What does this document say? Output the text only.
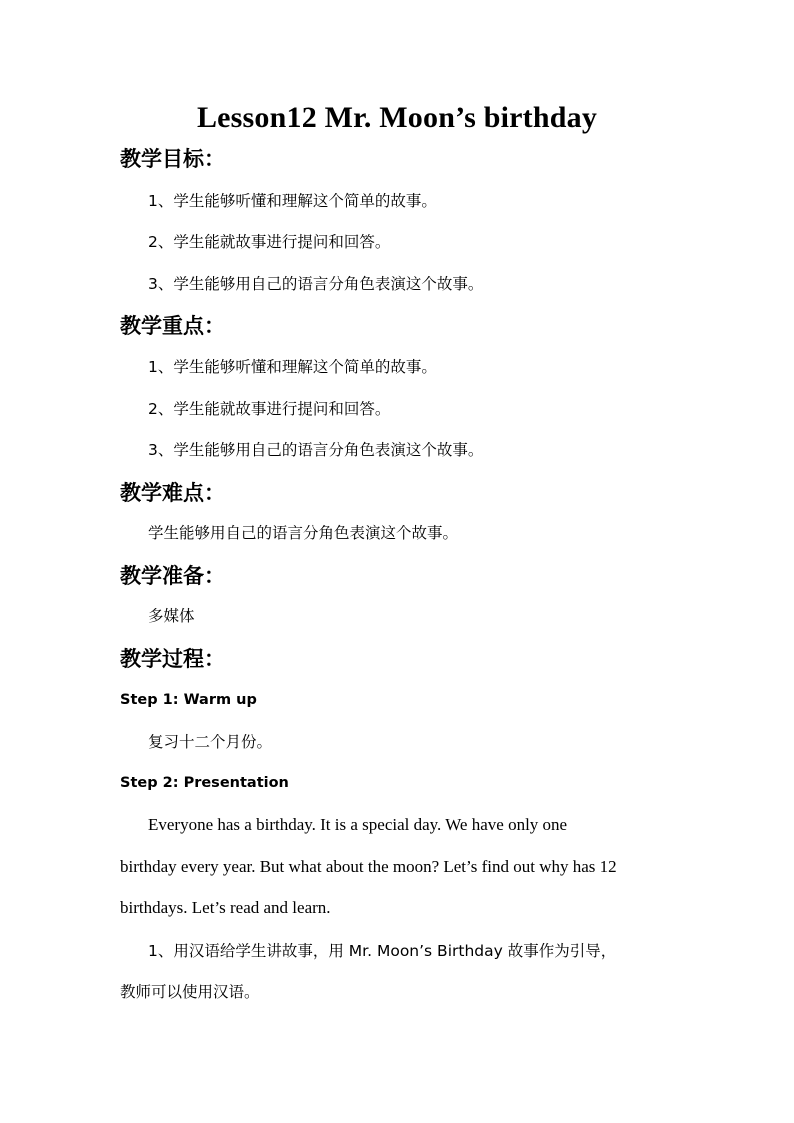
Lesson12 Mr. Moon’s birthday
教学目标：
1、学生能够听懂和理解这个简单的故事。
2、学生能就故事进行提问和回答。
3、学生能够用自己的语言分角色表演这个故事。
教学重点：
1、学生能够听懂和理解这个简单的故事。
2、学生能就故事进行提问和回答。
3、学生能够用自己的语言分角色表演这个故事。
教学难点：
学生能够用自己的语言分角色表演这个故事。
教学准备：
多媒体
教学过程：
Step 1: Warm up
复习十二个月份。
Step 2: Presentation
Everyone has a birthday. It is a special day. We have only one
birthday every year. But what about the moon? Let’s find out why has 12
birthdays. Let’s read and learn.
1、用汉语给学生讲故事，用 Mr. Moon’s Birthday 故事作为引导，
教师可以使用汉语。
